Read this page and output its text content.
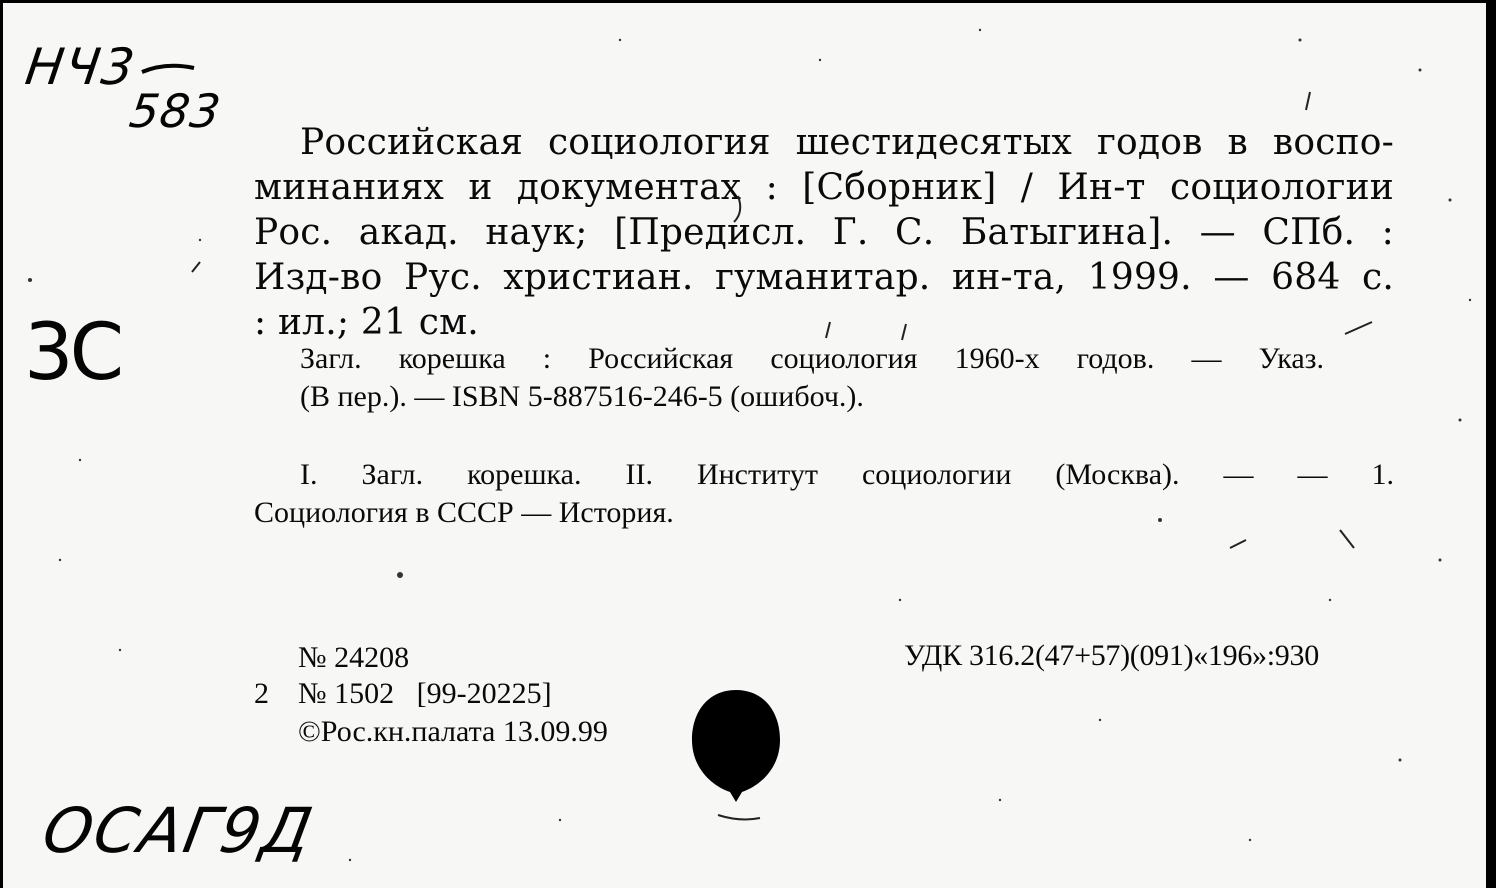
НЧ3
583
3С
ОСАГ9Д
Российская социология шестидесятых годов в воспо-
минаниях и документах : [Сборник] / Ин-т социологии
Рос. акад. наук; [Предисл. Г. С. Батыгина]. — СПб. :
Изд-во Рус. христиан. гуманитар. ин-та, 1999. — 684 с.
: ил.; 21 см.
Загл. корешка : Российская социология 1960-х годов. — Указ.
(В пер.). — ISBN 5-887516-246-5 (ошибоч.).
I. Загл. корешка. II. Институт социологии (Москва). — — 1.
Социология в СССР — История.
№ 24208
2 № 1502   [99-20225]
©Рос.кн.палата 13.09.99
УДК 316.2(47+57)(091)«196»:930
